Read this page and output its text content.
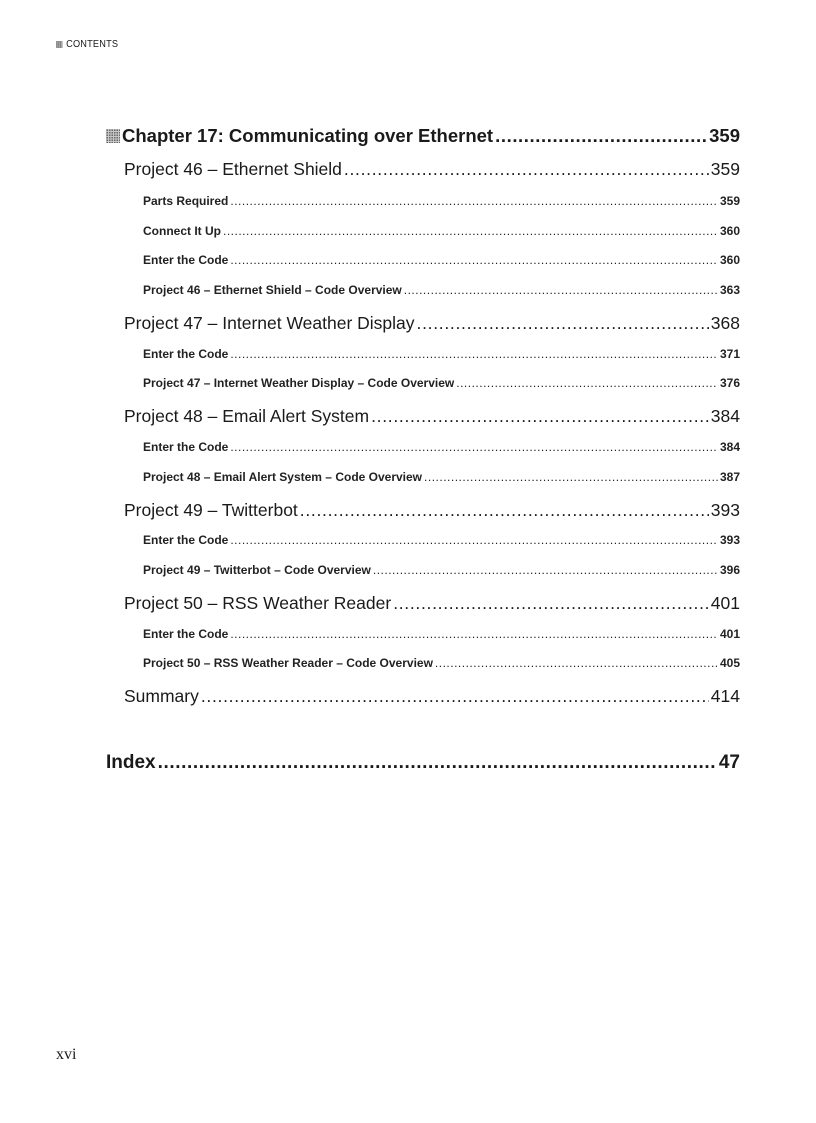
CONTENTS
Chapter 17: Communicating over Ethernet .....	359
Project 46 – Ethernet Shield .....	359
Parts Required .....	359
Connect It Up .....	360
Enter the Code .....	360
Project 46 – Ethernet Shield – Code Overview .....	363
Project 47 – Internet Weather Display .....	368
Enter the Code .....	371
Project 47 – Internet Weather Display – Code Overview .....	376
Project 48 – Email Alert System .....	384
Enter the Code .....	384
Project 48 – Email Alert System – Code Overview .....	387
Project 49 – Twitterbot .....	393
Enter the Code .....	393
Project 49 – Twitterbot – Code Overview .....	396
Project 50 – RSS Weather Reader .....	401
Enter the Code .....	401
Project 50 – RSS Weather Reader – Code Overview .....	405
Summary .....	414
Index .....	47
xvi
